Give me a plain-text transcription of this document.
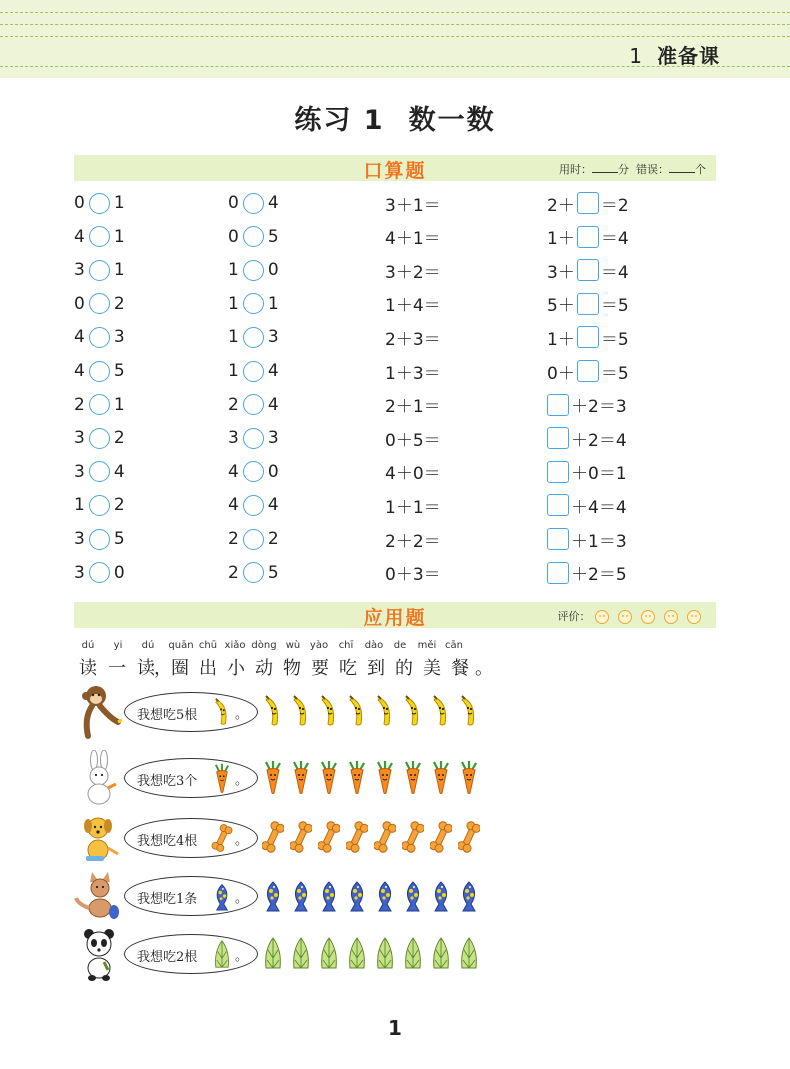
1 准备课
练习 1 数一数
口算题	用时： 分 错误： 个
0 1	0 4	3＋1＝	2＋ ＝2
4 1	0 5	4＋1＝	1＋ ＝4
3 1	1 0	3＋2＝	3＋ ＝4
0 2	1 1	1＋4＝	5＋ ＝5
4 3	1 3	2＋3＝	1＋ ＝5
4 5	1 4	1＋3＝	0＋ ＝5
2 1	2 4	2＋1＝	＋2＝3
3 2	3 3	0＋5＝	＋2＝4
3 4	4 0	4＋0＝	＋0＝1
1 2	4 4	1＋1＝	＋4＝4
3 5	2 2	2＋2＝	＋1＝3
3 0	2 5	0＋3＝	＋2＝5
应用题	评价：
dú yi dú quān chū xiǎo dòng wù yào chī dào de měi cān
读 一 读 ， 圈 出 小 动 物 要 吃 到 的 美 餐 。
我想吃5根	。
我想吃3个	。
我想吃4根	。
我想吃1条	。
我想吃2根	。
1
